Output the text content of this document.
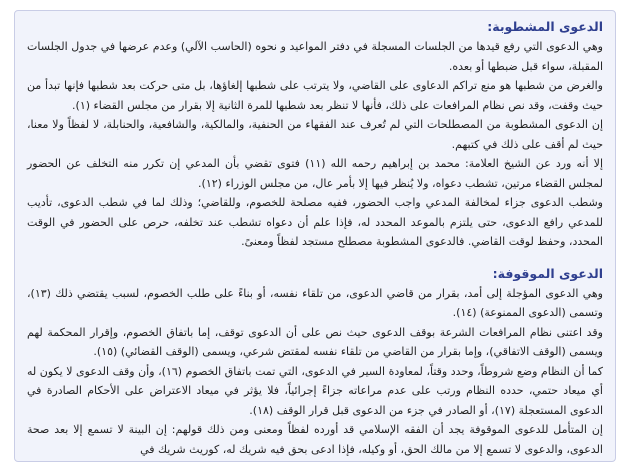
الدعوى المشطوبة:

وهي الدعوى التي رفع قيدها من الجلسات المسجلة في دفتر المواعيد و نحوه (الحاسب الآلي) وعدم عرضها في جدول الجلسات المقبلة، سواء قبل ضبطها أو بعده.

والغرض من شطبها هو منع تراكم الدعاوى على القاضي، ولا يترتب على شطبها إلغاؤها، بل متى حركت بعد شطبها فإنها تبدأ من حيث وقفت، وقد نص نظام المرافعات على ذلك، فأنها لا تنظر بعد شطبها للمرة الثانية إلا بقرار من مجلس القضاء (١).

إن الدعوى المشطوبة من المصطلحات التي لم تُعرف عند الفقهاء من الحنفية، والمالكية، والشافعية، والحنابلة، لا لفظاً ولا معنا، حيث لم أقف على ذلك في كتبهم.

إلا أنه ورد عن الشيخ العلامة: محمد بن إبراهيم رحمه الله (١١) فتوى تقضي بأن المدعي إن تكرر منه التخلف عن الحضور لمجلس القضاء مرتين، تشطب دعواه، ولا يُنظر فيها إلا بأمر عال، من مجلس الوزراء (١٢).

وشطب الدعوى جزاء لمخالفة المدعي واجب الحضور، ففيه مصلحة للخصوم، وللقاضي؛ وذلك لما في شطب الدعوى، تأديب للمدعي رافع الدعوى، حتى يلتزم بالموعد المحدد له، فإذا علم أن دعواه تشطب عند تخلفه، حرص على الحضور في الوقت المحدد، وحفظ لوقت القاضي. فالدعوى المشطوبة مصطلح مستجد لفظاً ومعنىً.

الدعوى الموقوفة:

وهي الدعوى المؤجلة إلى أمد، بقرار من قاضي الدعوى، من تلقاء نفسه، أو بناءً على طلب الخصوم، لسبب يقتضي ذلك (١٣)، وتسمى (الدعوى الممنوعة) (١٤).

وقد اعتنى نظام المرافعات الشرعة بوقف الدعوى حيث نص على أن الدعوى توقف، إما باتفاق الخصوم، وإقرار المحكمة لهم ويسمى (الوقف الاتفاقي)، وإما بقرار من القاضي من تلقاء نفسه لمقتض شرعي، ويسمى (الوقف القضائي) (١٥).

كما أن النظام وضع شروطاً، وحدد وقتاً، لمعاودة السير في الدعوى، التي تمت باتفاق الخصوم (١٦)، وأن وقف الدعوى لا يكون له أي ميعاد حتمي، حدده النظام ورتب على عدم مراعاته جزاءً إجرائياً، فلا يؤثر في ميعاد الاعتراض على الأحكام الصادرة في الدعوى المستعجلة (١٧)، أو الصادر في جزء من الدعوى قبل قرار الوقف (١٨).

إن المتأمل للدعوى الموقوفة يجد أن الفقه الإسلامي قد أورده لفظاً ومعنى ومن ذلك قولهم: إن البينة لا تسمع إلا بعد صحة الدعوى، والدعوى لا تسمع إلا من مالك الحق، أو وكيله، فإذا ادعى بحق فيه شريك له، كوريث شريك في
